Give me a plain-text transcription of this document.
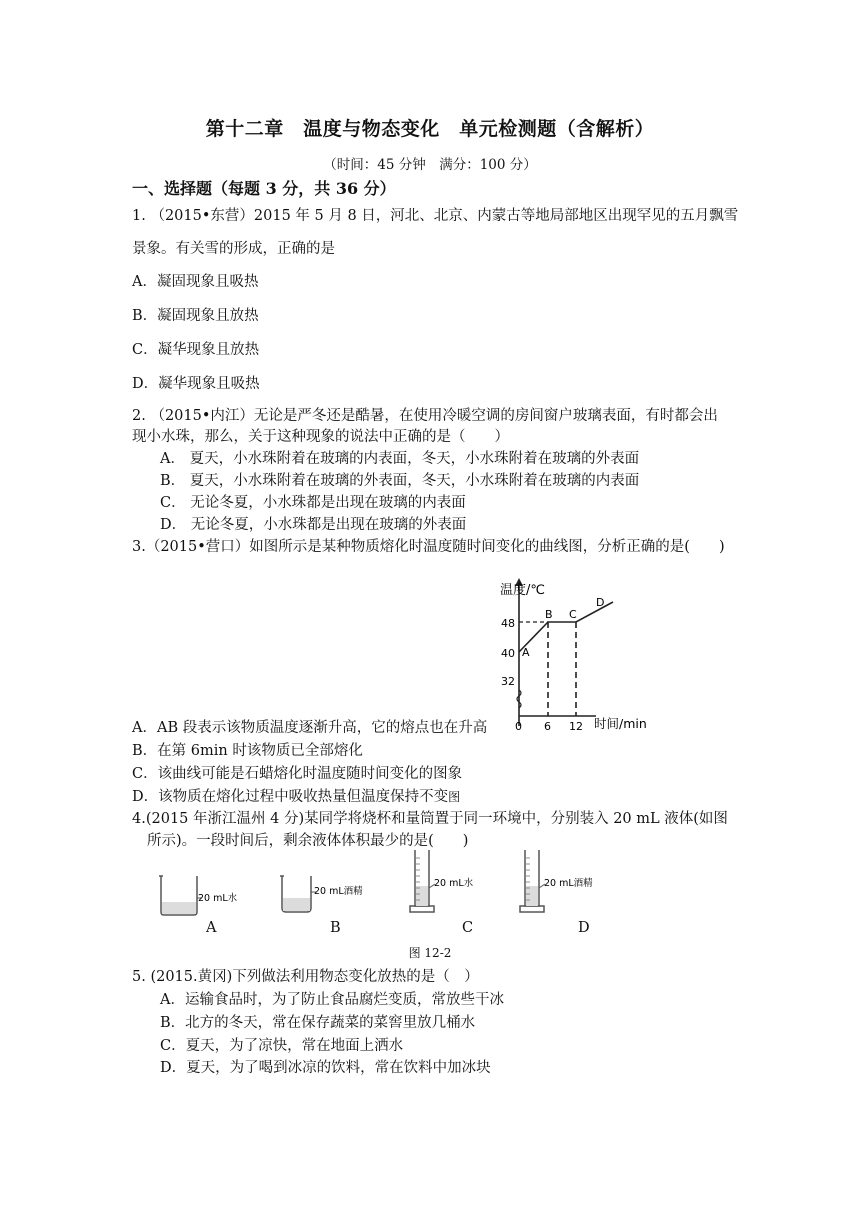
第十二章　温度与物态变化　单元检测题（含解析）
（时间：45 分钟　满分：100 分）
一、选择题（每题 3 分，共 36 分）
1. （2015•东营）2015 年 5 月 8 日，河北、北京、内蒙古等地局部地区出现罕见的五月飘雪
景象。有关雪的形成，正确的是
A．凝固现象且吸热
B．凝固现象且放热
C．凝华现象且放热
D．凝华现象且吸热
2. （2015•内江）无论是严冬还是酷暑，在使用冷暖空调的房间窗户玻璃表面，有时都会出
现小水珠，那么，关于这种现象的说法中正确的是（　　）
A． 夏天，小水珠附着在玻璃的内表面，冬天，小水珠附着在玻璃的外表面
B． 夏天，小水珠附着在玻璃的外表面，冬天，小水珠附着在玻璃的内表面
C． 无论冬夏，小水珠都是出现在玻璃的内表面
D． 无论冬夏，小水珠都是出现在玻璃的外表面
3.（2015•营口）如图所示是某种物质熔化时温度随时间变化的曲线图，分析正确的是(　　)
温度/℃
48
40
32
0 6 12 时间/min
A
B C
D
A．AB 段表示该物质温度逐渐升高，它的熔点也在升高
B．在第 6min 时该物质已全部熔化
C．该曲线可能是石蜡熔化时温度随时间变化的图象
D．该物质在熔化过程中吸收热量但温度保持不变图
4.(2015 年浙江温州 4 分)某同学将烧杯和量筒置于同一环境中，分别装入 20 mL 液体(如图
所示)。一段时间后，剩余液体体积最少的是(　　)
20 mL水
20 mL酒精
20 mL水	20 mL酒精
A	B	C	D
图 12-2
5. (2015.黄冈)下列做法利用物态变化放热的是（　）
A．运输食品时，为了防止食品腐烂变质，常放些干冰
B．北方的冬天，常在保存蔬菜的菜窖里放几桶水
C．夏天，为了凉快，常在地面上洒水
D．夏天，为了喝到冰凉的饮料，常在饮料中加冰块
